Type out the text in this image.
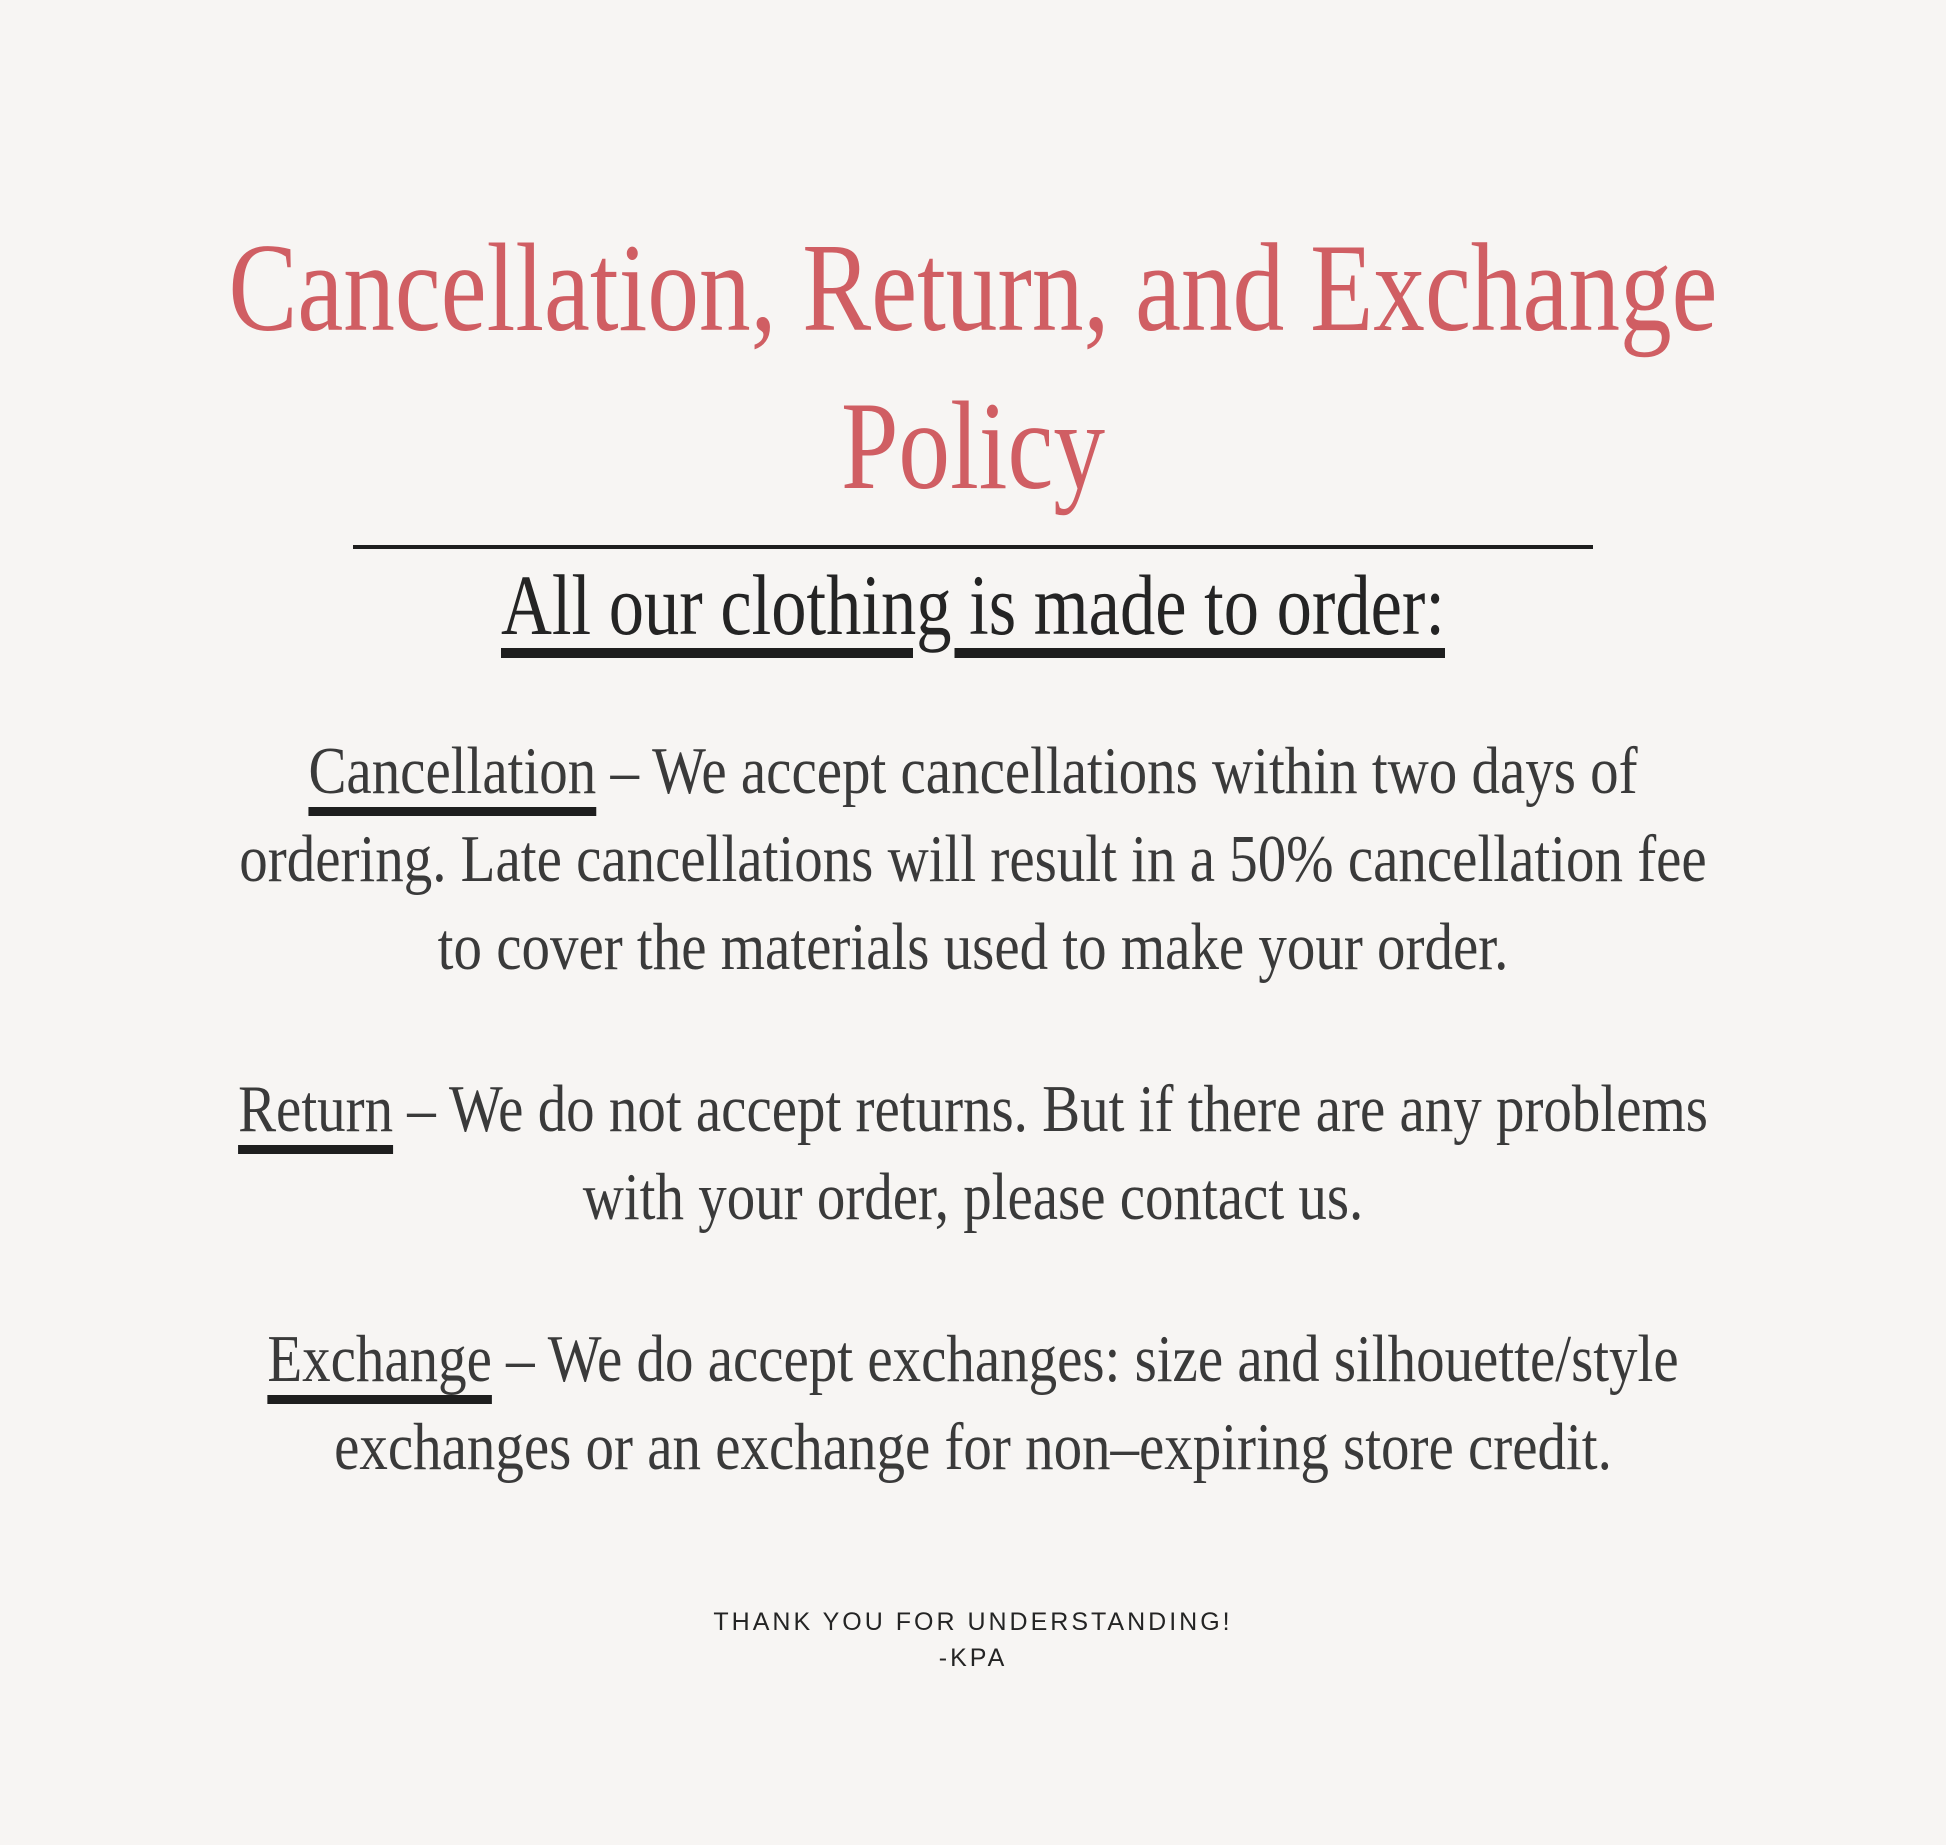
Cancellation, Return, and Exchange
Policy
All our clothing is made to order:

Cancellation – We accept cancellations within two days of
ordering. Late cancellations will result in a 50% cancellation fee
to cover the materials used to make your order.

Return – We do not accept returns. But if there are any problems
with your order, please contact us.

Exchange – We do accept exchanges: size and silhouette/style
exchanges or an exchange for non–expiring store credit.

THANK YOU FOR UNDERSTANDING!
-KPA
